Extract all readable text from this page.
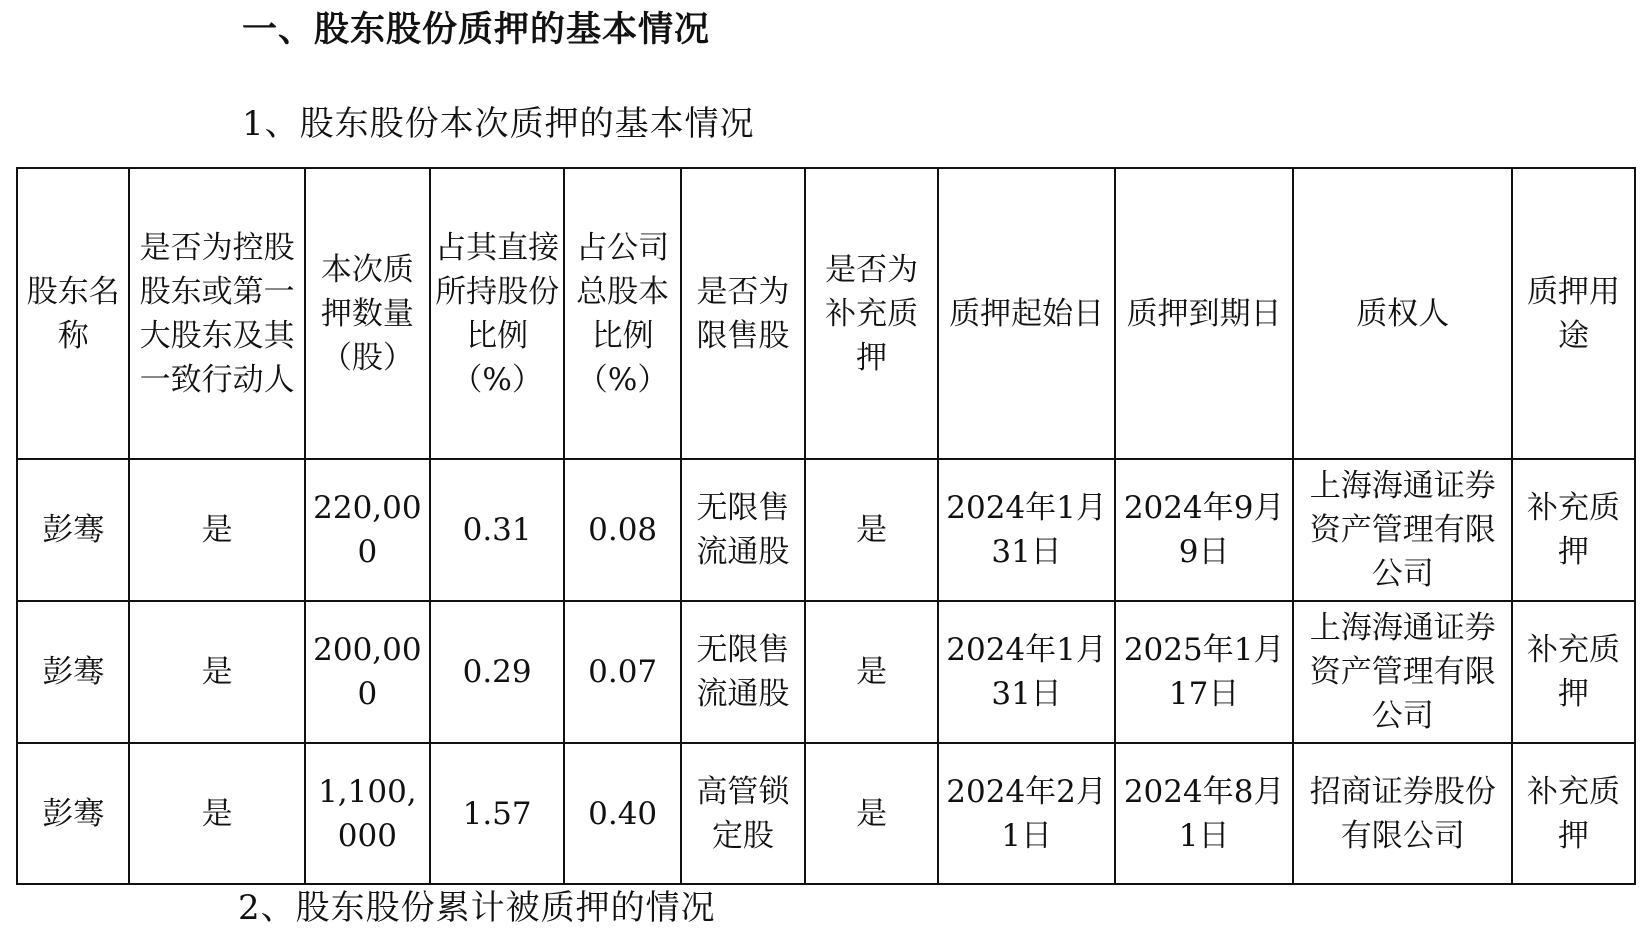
一、股东股份质押的基本情况
1、股东股份本次质押的基本情况
股东名称	是否为控股股东或第一大股东及其一致行动人	本次质押数量（股）	占其直接所持股份比例（%）	占公司总股本比例（%）	是否为限售股	是否为补充质押	质押起始日	质押到期日	质权人	质押用途
彭骞	是	220,000	0.31	0.08	无限售流通股	是	2024年1月31日	2024年9月9日	上海海通证券资产管理有限公司	补充质押
彭骞	是	200,000	0.29	0.07	无限售流通股	是	2024年1月31日	2025年1月17日	上海海通证券资产管理有限公司	补充质押
彭骞	是	1,100,000	1.57	0.40	高管锁定股	是	2024年2月1日	2024年8月1日	招商证券股份有限公司	补充质押
2、股东股份累计被质押的情况
